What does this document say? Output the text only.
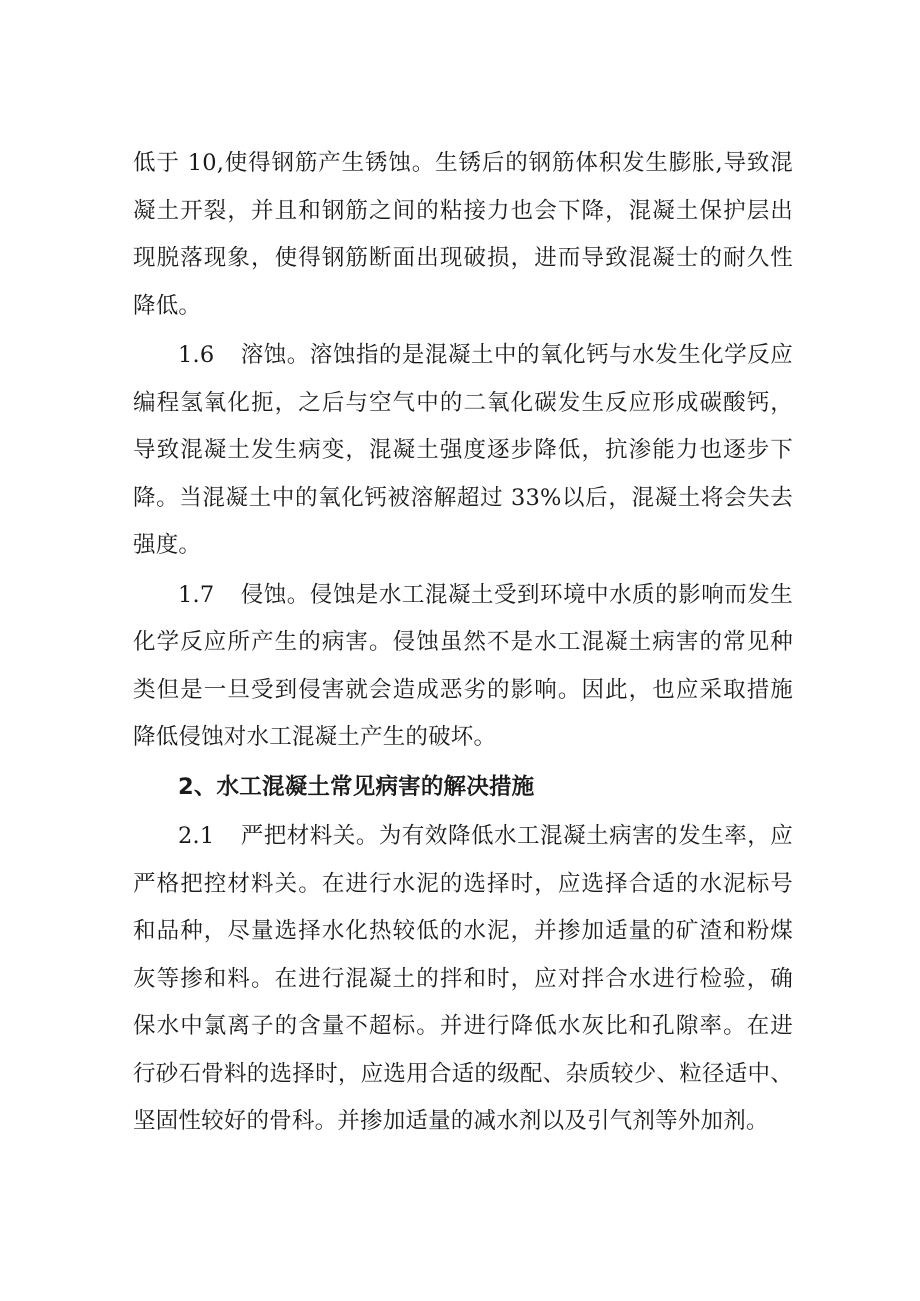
低于 10,使得钢筋产生锈蚀。生锈后的钢筋体积发生膨胀,导致混
凝土开裂，并且和钢筋之间的粘接力也会下降，混凝土保护层出
现脱落现象，使得钢筋断面出现破损，进而导致混凝士的耐久性
降低。
1.6 溶蚀。溶蚀指的是混凝土中的氧化钙与水发生化学反应
编程氢氧化扼，之后与空气中的二氧化碳发生反应形成碳酸钙，
导致混凝土发生病变，混凝土强度逐步降低，抗渗能力也逐步下
降。当混凝土中的氧化钙被溶解超过 33%以后，混凝土将会失去
强度。
1.7 侵蚀。侵蚀是水工混凝土受到环境中水质的影响而发生
化学反应所产生的病害。侵蚀虽然不是水工混凝土病害的常见种
类但是一旦受到侵害就会造成恶劣的影响。因此，也应采取措施
降低侵蚀对水工混凝土产生的破坏。
2、水工混凝土常见病害的解决措施
2.1 严把材料关。为有效降低水工混凝土病害的发生率，应
严格把控材料关。在进行水泥的选择时，应选择合适的水泥标号
和品种，尽量选择水化热较低的水泥，并掺加适量的矿渣和粉煤
灰等掺和料。在进行混凝土的拌和时，应对拌合水进行检验，确
保水中氯离子的含量不超标。并进行降低水灰比和孔隙率。在进
行砂石骨料的选择时，应选用合适的级配、杂质较少、粒径适中、
坚固性较好的骨科。并掺加适量的减水剂以及引气剂等外加剂。
